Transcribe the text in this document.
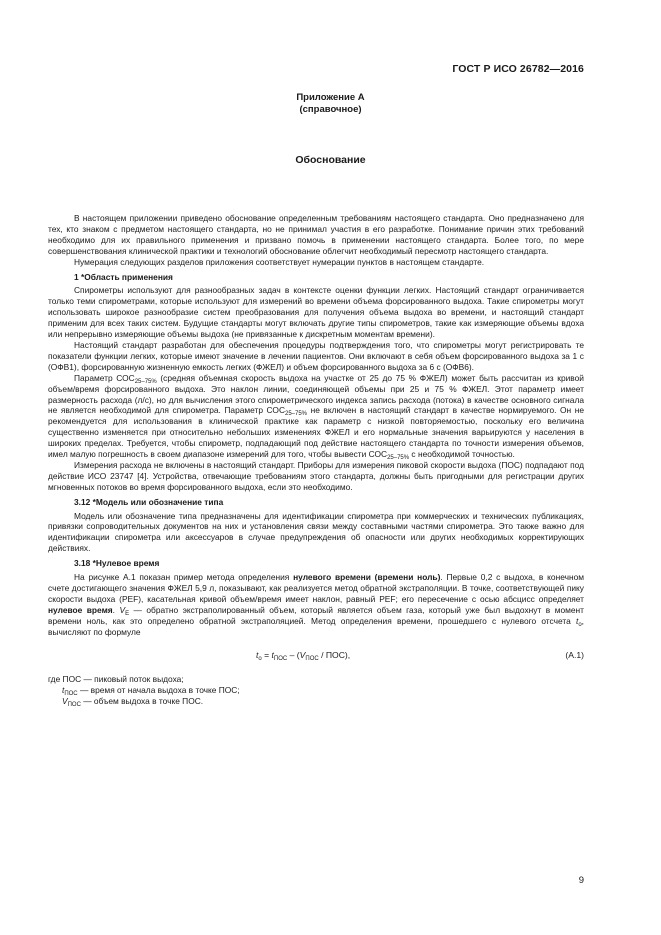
ГОСТ Р ИСО 26782—2016
Приложение А
(справочное)
Обоснование

В настоящем приложении приведено обоснование определенным требованиям настоящего стандарта. Оно предназначено для тех, кто знаком с предметом настоящего стандарта, но не принимал участия в его разработке. Понимание причин этих требований необходимо для их правильного применения и призвано помочь в применении настоящего стандарта. Более того, по мере совершенствования клинической практики и технологий обоснование облегчит необходимый пересмотр настоящего стандарта.

Нумерация следующих разделов приложения соответствует нумерации пунктов в настоящем стандарте.

1 *Область применения

Спирометры используют для разнообразных задач в контексте оценки функции легких. Настоящий стандарт ограничивается только теми спирометрами, которые используют для измерений во времени объема форсированного выдоха. Такие спирометры могут использовать широкое разнообразие систем преобразования для получения объема выдоха во времени, и настоящий стандарт применим для всех таких систем. Будущие стандарты могут включать другие типы спирометров, такие как измеряющие объемы вдоха или непрерывно измеряющие объемы выдоха (не привязанные к дискретным моментам времени).

Настоящий стандарт разработан для обеспечения процедуры подтверждения того, что спирометры могут регистрировать те показатели функции легких, которые имеют значение в лечении пациентов. Они включают в себя объем форсированного выдоха за 1 с (ОФВ1), форсированную жизненную емкость легких (ФЖЕЛ) и объем форсированного выдоха за 6 с (ОФВ6).

Параметр $СОС_{25-75\%}$ (средняя объемная скорость выдоха на участке от 25 до 75 % ФЖЕЛ) может быть рассчитан из кривой объем/время форсированного выдоха. Это наклон линии, соединяющей объемы при 25 и 75 % ФЖЕЛ. Этот параметр имеет размерность расхода (л/с), но для вычисления этого спирометрического индекса запись расхода (потока) в качестве основного сигнала не является необходимой для спирометра. Параметр $СОС_{25-75\%}$ не включен в настоящий стандарт в качестве нормируемого. Он не рекомендуется для использования в клинической практике как параметр с низкой повторяемостью, поскольку его величина существенно изменяется при относительно небольших изменениях ФЖЕЛ и его нормальные значения варьируются у населения в широких пределах. Требуется, чтобы спирометр, подпадающий под действие настоящего стандарта по точности измерения объемов, имел малую погрешность в своем диапазоне измерений для того, чтобы вывести $СОС_{25-75\%}$ с необходимой точностью.

Измерения расхода не включены в настоящий стандарт. Приборы для измерения пиковой скорости выдоха (ПОС) подпадают под действие ИСО 23747 [4]. Устройства, отвечающие требованиям этого стандарта, должны быть пригодными для регистрации других мгновенных потоков во время форсированного выдоха, если это необходимо.

3.12 *Модель или обозначение типа

Модель или обозначение типа предназначены для идентификации спирометра при коммерческих и технических публикациях, привязки сопроводительных документов на них и установления связи между составными частями спирометра. Это также важно для идентификации спирометра или аксессуаров в случае предупреждения об опасности или других необходимых корректирующих действиях.

3.18 *Нулевое время

На рисунке А.1 показан пример метода определения нулевого времени (времени ноль). Первые 0,2 с выдоха, в конечном счете достигающего значения ФЖЕЛ 5,9 л, показывают, как реализуется метод обратной экстраполяции. В точке, соответствующей пику скорости выдоха (PEF), касательная кривой объем/время имеет наклон, равный PEF; его пересечение с осью абсцисс определяет нулевое время. $V_E$ — обратно экстраполированный объем, который является объем газа, который уже был выдохнут в момент времени ноль, как это определено обратной экстраполяцией. Метод определения времени, прошедшего с нулевого отсчета $t_o$, вычисляют по формуле

$t_o = t_{ПОС} - (V_{ПОС} / ПОС)$,	(А.1)
где ПОС — пиковый поток выдоха;
$t_{ПОС}$ — время от начала выдоха в точке ПОС;
$V_{ПОС}$ — объем выдоха в точке ПОС.
9
